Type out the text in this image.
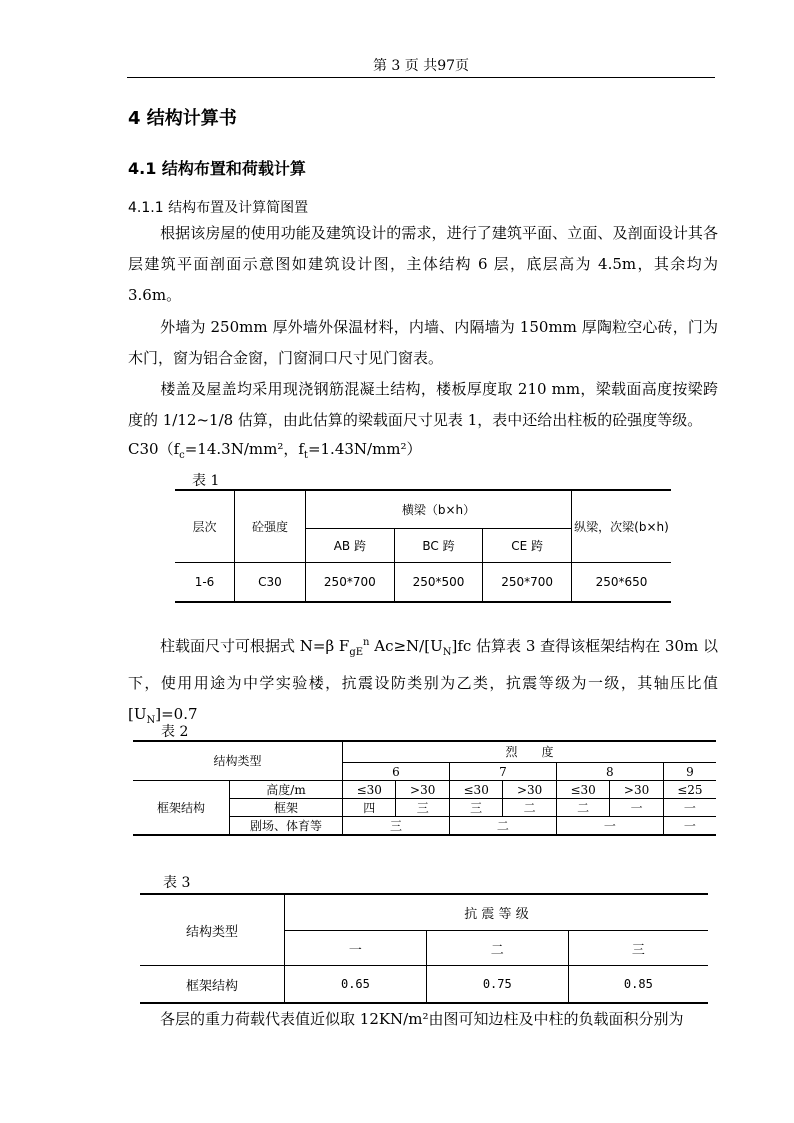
第 3 页 共97页
4 结构计算书
4.1 结构布置和荷载计算
4.1.1 结构布置及计算简图置
根据该房屋的使用功能及建筑设计的需求，进行了建筑平面、立面、及剖面设计其各层建筑平面剖面示意图如建筑设计图，主体结构 6 层，底层高为 4.5m，其余均为 3.6m。
外墙为 250mm 厚外墙外保温材料，内墙、内隔墙为 150mm 厚陶粒空心砖，门为木门，窗为铝合金窗，门窗洞口尺寸见门窗表。
楼盖及屋盖均采用现浇钢筋混凝土结构，楼板厚度取 210 mm，梁载面高度按梁跨度的 1/12~1/8 估算，由此估算的梁载面尺寸见表 1，表中还给出柱板的砼强度等级。
$C30(f_c=14.3N$/mm²，$f_t=1.43N/mm^2$）
表 1
层次	砼强度	横梁（b×h）			纵梁，次梁(b×h)
		AB 跨	BC 跨	CE 跨	
1-6	C30	250*700	250*500	250*700	250*650
柱载面尺寸可根据式 N=β $F_{gE}^n$ $Ac\ge N/[U_N]fc$ 估算表 3 查得该框架结构在 30m 以下，使用用途为中学实验楼，抗震设防类别为乙类，抗震等级为一级，其轴压比值 $[U_N]=0.7$
表 2
结构类型		烈　　度						
		6		7		8		9
框架结构	高度/m	≤30	>30	≤30	>30	≤30	>30	≤25
	框架	四	三	三	二	二	一	一
	剧场、体育等	三		二		一		一
表 3
结构类型	抗 震 等 级		
	一	二	三
框架结构	0.65	0.75	0.85
各层的重力荷载代表值近似取 12KN/m²由图可知边柱及中柱的负载面积分别为
